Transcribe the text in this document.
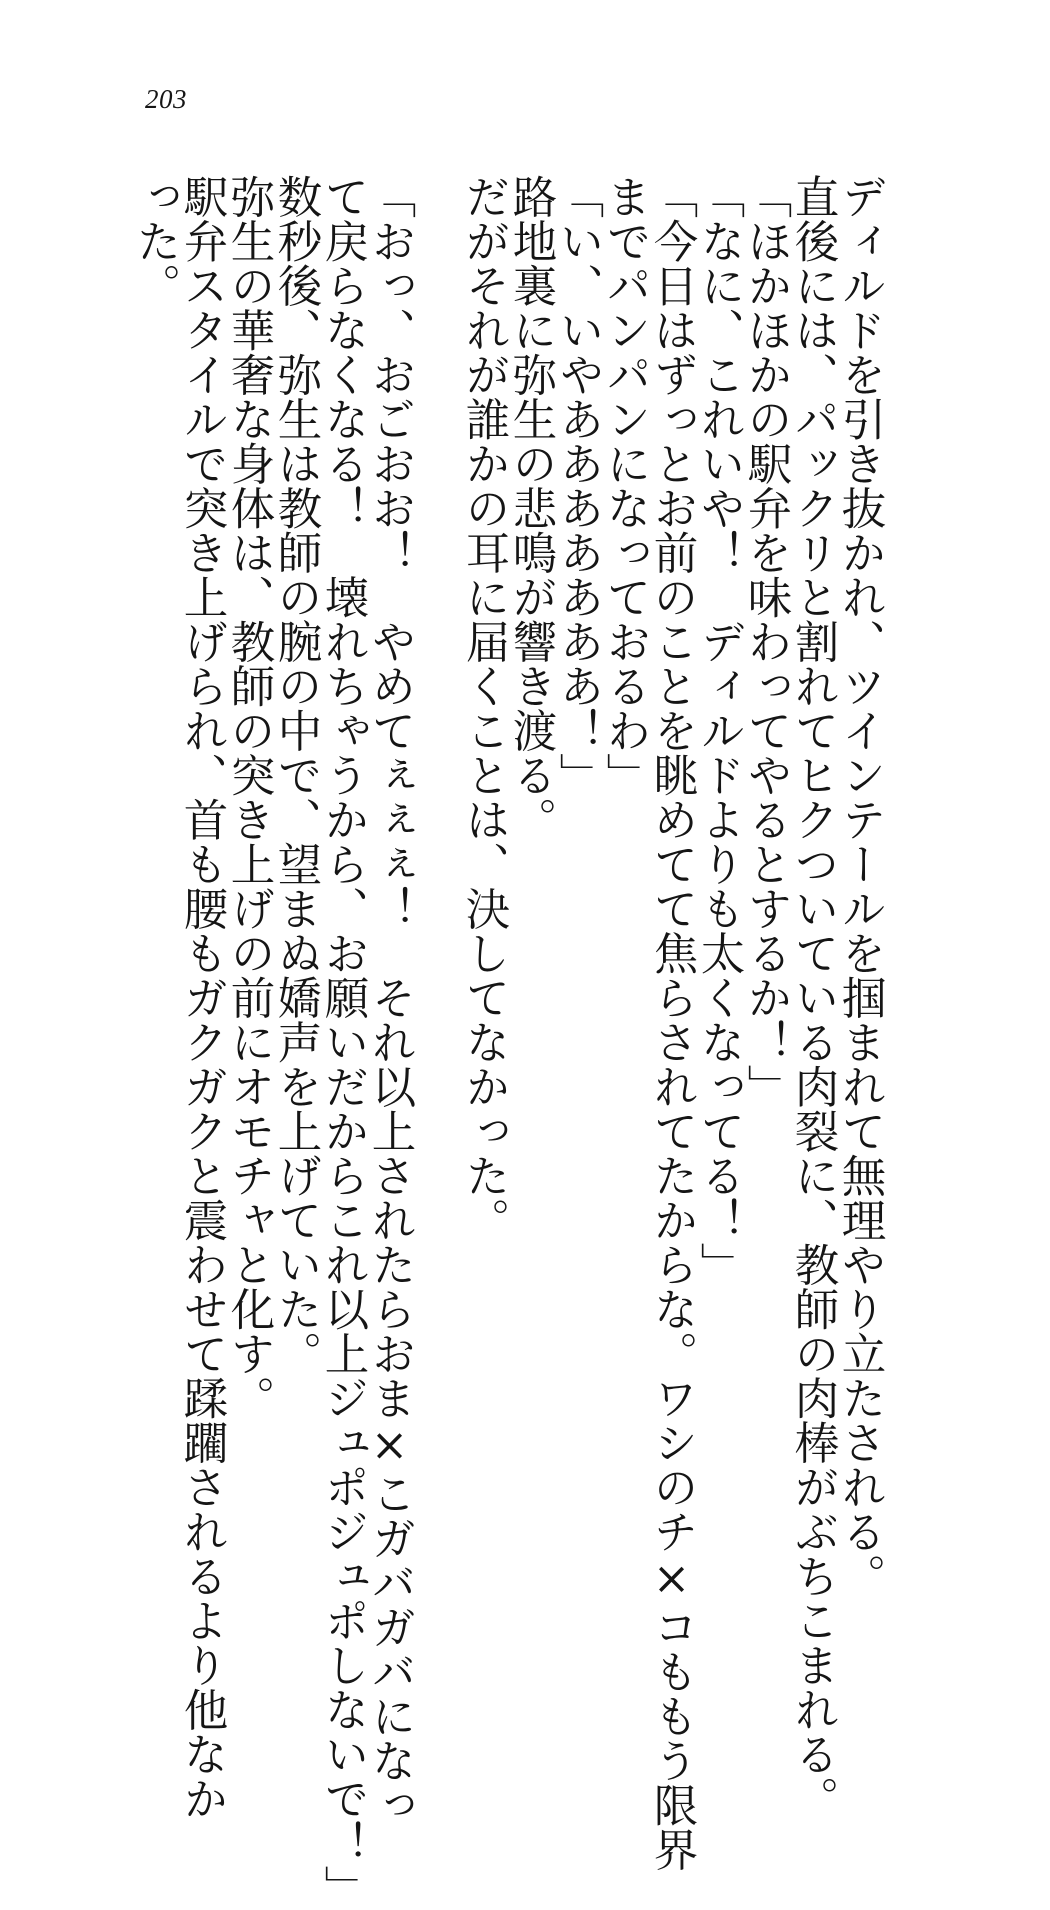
203
ディルドを引き抜かれ、ツインテールを掴まれて無理やり立たされる。
直後には、パックリと割れてヒクついている肉裂に、教師の肉棒がぶちこまれる。
「ほかほかの駅弁を味わってやるとするか！」
「なに、これいや！　ディルドよりも太くなってる！」
「今日はずっとお前のことを眺めてて焦らされてたからな。ワシのチ×コももう限界
までパンパンになっておるわ」
「い、いやあああああああ！」
路地裏に弥生の悲鳴が響き渡る。
だがそれが誰かの耳に届くことは、決してなかった。
「おっ、おごおお！　やめてぇぇぇ！　それ以上されたらおま×こガバガバになっ
て戻らなくなる！　壊れちゃうから、お願いだからこれ以上ジュポジュポしないで！」
数秒後、弥生は教師の腕の中で、望まぬ嬌声を上げていた。
弥生の華奢な身体は、教師の突き上げの前にオモチャと化す。
駅弁スタイルで突き上げられ、首も腰もガクガクと震わせて蹂躙されるより他なか
った。
